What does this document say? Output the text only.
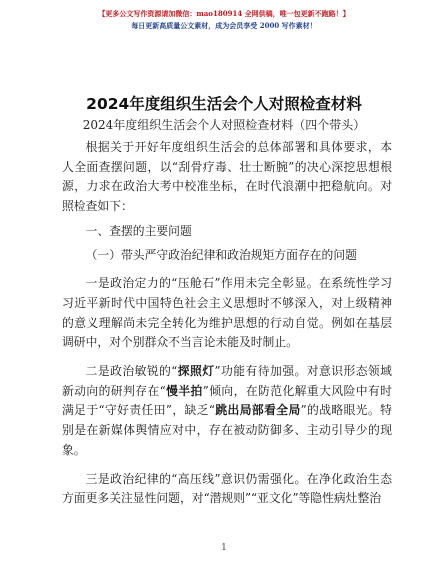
【更多公文写作资源请加微信：mao180914 全网供稿，唯一包更新不跑路！】
每日更新高质量公文素材，成为会员享受 2000 写作素材！
2024年度组织生活会个人对照检查材料
2024年度组织生活会个人对照检查材料（四个带头）

根据关于开好年度组织生活会的总体部署和具体要求，本人全面查摆问题，以“刮骨疗毒、壮士断腕”的决心深挖思想根源，力求在政治大考中校准坐标，在时代浪潮中把稳航向。对照检查如下：

一、查摆的主要问题

（一）带头严守政治纪律和政治规矩方面存在的问题

一是政治定力的“压舱石”作用未完全彰显。在系统性学习习近平新时代中国特色社会主义思想时不够深入，对上级精神的意义理解尚未完全转化为维护思想的行动自觉。例如在基层调研中，对个别群众不当言论未能及时制止。

二是政治敏锐的“探照灯”功能有待加强。对意识形态领域新动向的研判存在“慢半拍”倾向，在防范化解重大风险中有时满足于“守好责任田”，缺乏“跳出局部看全局”的战略眼光。特别是在新媒体舆情应对中，存在被动防御多、主动引导少的现象。

三是政治纪律的“高压线”意识仍需强化。在净化政治生态方面更多关注显性问题，对“潜规则”“亚文化”等隐性病灶整治

1
